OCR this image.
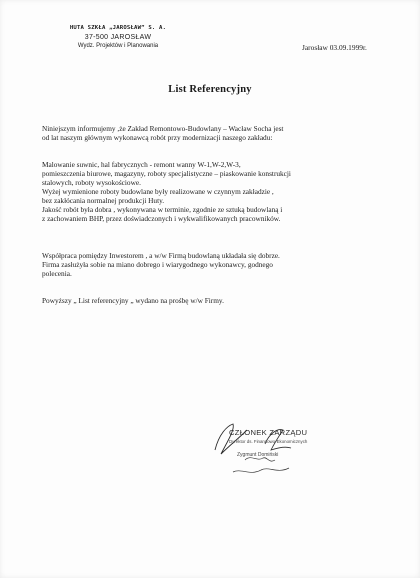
HUTA SZKŁA „JAROSŁAW” S. A.
37-500 JAROSŁAW
Wydz. Projektów i Planowania	Jarosław 03.09.1999r.
List Referencyjny
Niniejszym informujemy ,że Zakład Remontowo-Budowlany – Wacław Socha jest
od lat naszym głównym wykonawcą robót przy modernizacji naszego zakładu:
Malowanie suwnic, hal fabrycznych - remont wanny W-1,W-2,W-3,
pomieszczenia biurowe, magazyny, roboty specjalistyczne – piaskowanie konstrukcji
stalowych, roboty wysokościowe.
Wyżej wymienione roboty budowlane były realizowane w czynnym zakładzie ,
bez zakłócania normalnej produkcji Huty.
Jakość robót była dobra , wykonywana w terminie, zgodnie ze sztuką budowlaną i
z zachowaniem BHP, przez doświadczonych i wykwalifikowanych pracowników.
Współpraca pomiędzy Inwestorem , a w/w Firmą budowlaną układała się dobrze.
Firma zasłużyła sobie na miano dobrego i wiarygodnego wykonawcy, godnego
polecenia.
Powyższy „ List referencyjny „ wydano na prośbę w/w Firmy.
CZŁONEK ZARZĄDU
Dyrektor ds. Finansowo-Ekonomicznych
Zygmunt Domiński
